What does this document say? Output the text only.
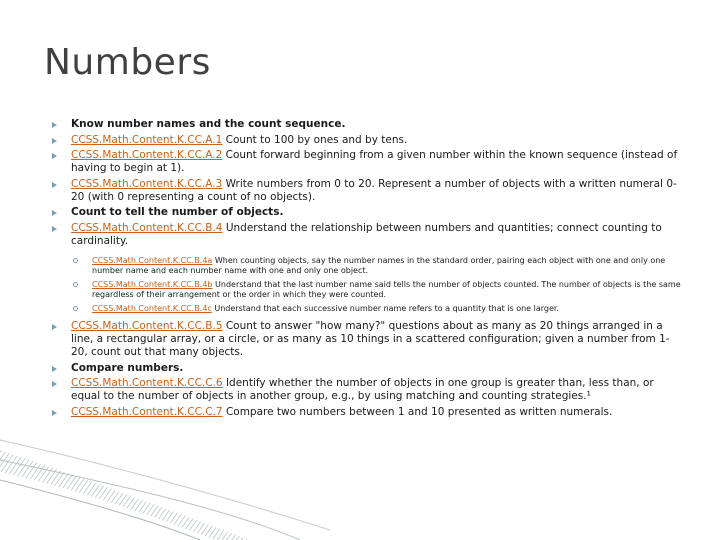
Numbers
Know number names and the count sequence.
CCSS.Math.Content.K.CC.A.1 Count to 100 by ones and by tens.
CCSS.Math.Content.K.CC.A.2 Count forward beginning from a given number within the known sequence (instead of having to begin at 1).
CCSS.Math.Content.K.CC.A.3 Write numbers from 0 to 20. Represent a number of objects with a written numeral 0-20 (with 0 representing a count of no objects).
Count to tell the number of objects.
CCSS.Math.Content.K.CC.B.4 Understand the relationship between numbers and quantities; connect counting to cardinality.
CCSS.Math.Content.K.CC.B.4a When counting objects, say the number names in the standard order, pairing each object with one and only one number name and each number name with one and only one object.
CCSS.Math.Content.K.CC.B.4b Understand that the last number name said tells the number of objects counted. The number of objects is the same regardless of their arrangement or the order in which they were counted.
CCSS.Math.Content.K.CC.B.4c Understand that each successive number name refers to a quantity that is one larger.
CCSS.Math.Content.K.CC.B.5 Count to answer "how many?" questions about as many as 20 things arranged in a line, a rectangular array, or a circle, or as many as 10 things in a scattered configuration; given a number from 1-20, count out that many objects.
Compare numbers.
CCSS.Math.Content.K.CC.C.6 Identify whether the number of objects in one group is greater than, less than, or equal to the number of objects in another group, e.g., by using matching and counting strategies.¹
CCSS.Math.Content.K.CC.C.7 Compare two numbers between 1 and 10 presented as written numerals.
